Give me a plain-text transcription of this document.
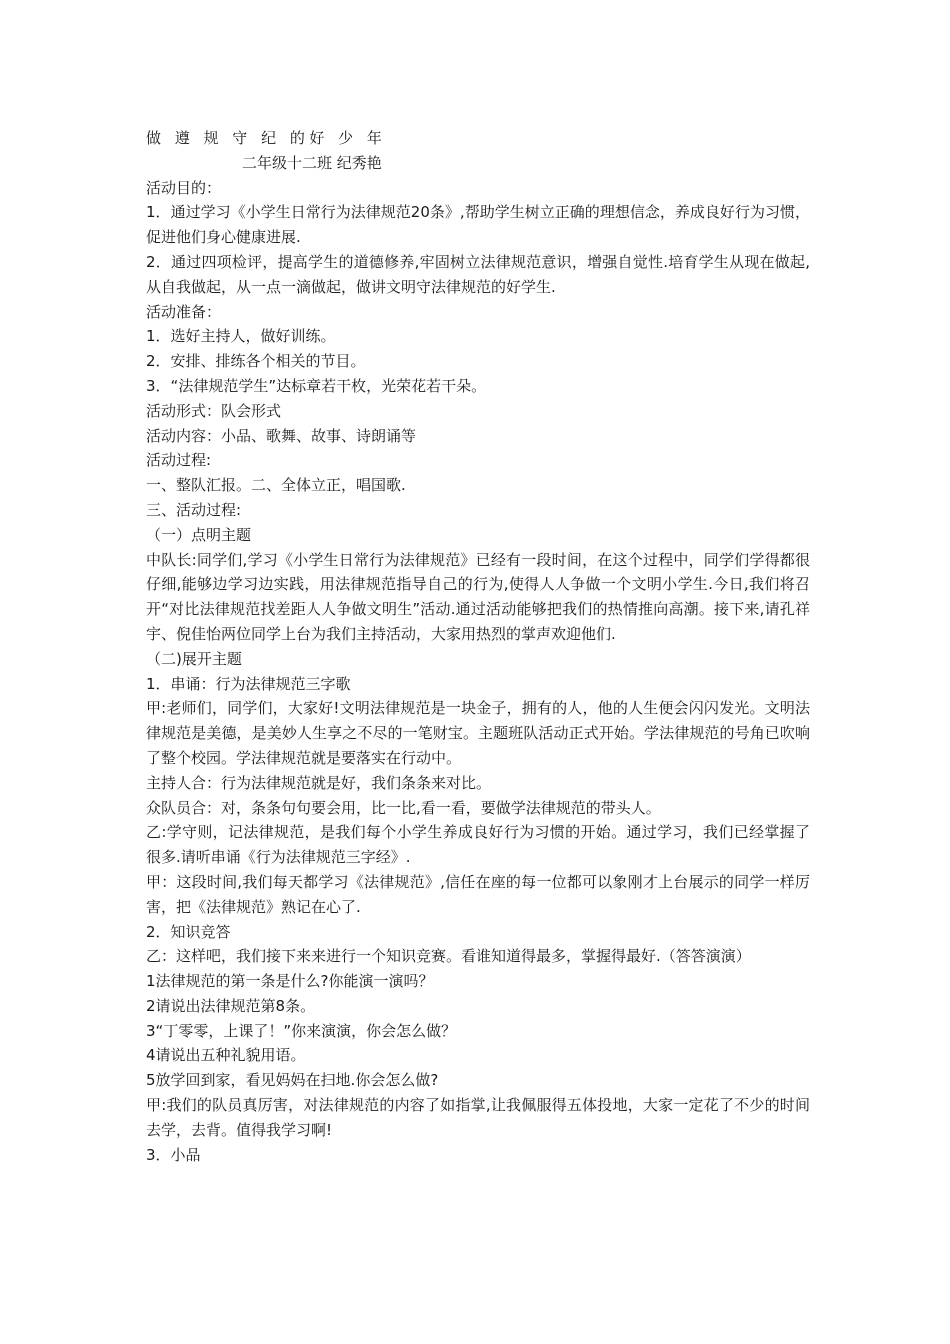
做 遵 规 守 纪 的好 少 年

二年级十二班 纪秀艳

活动目的：

1．通过学习《小学生日常行为法律规范20条》,帮助学生树立正确的理想信念，养成良好行为习惯，促进他们身心健康进展.

2．通过四项检评，提高学生的道德修养,牢固树立法律规范意识，增强自觉性.培育学生从现在做起,从自我做起，从一点一滴做起，做讲文明守法律规范的好学生.

活动准备：

1．选好主持人，做好训练。

2．安排、排练各个相关的节目。

3．“法律规范学生”达标章若干枚，光荣花若干朵。

活动形式：队会形式

活动内容：小品、歌舞、故事、诗朗诵等

活动过程:

一、整队汇报。二、全体立正，唱国歌.

三、活动过程:

（一）点明主题

中队长:同学们,学习《小学生日常行为法律规范》已经有一段时间，在这个过程中，同学们学得都很仔细,能够边学习边实践，用法律规范指导自己的行为,使得人人争做一个文明小学生.今日,我们将召开“对比法律规范找差距人人争做文明生”活动.通过活动能够把我们的热情推向高潮。接下来,请孔祥宇、倪佳怡两位同学上台为我们主持活动，大家用热烈的掌声欢迎他们.

（二)展开主题

1．串诵：行为法律规范三字歌

甲:老师们，同学们，大家好!文明法律规范是一块金子，拥有的人，他的人生便会闪闪发光。文明法律规范是美德，是美妙人生享之不尽的一笔财宝。主题班队活动正式开始。学法律规范的号角已吹响了整个校园。学法律规范就是要落实在行动中。

主持人合：行为法律规范就是好，我们条条来对比。

众队员合：对，条条句句要会用，比一比,看一看，要做学法律规范的带头人。

乙:学守则，记法律规范，是我们每个小学生养成良好行为习惯的开始。通过学习，我们已经掌握了很多.请听串诵《行为法律规范三字经》.

甲：这段时间,我们每天都学习《法律规范》,信任在座的每一位都可以象刚才上台展示的同学一样厉害，把《法律规范》熟记在心了.

2．知识竞答

乙：这样吧，我们接下来来进行一个知识竞赛。看谁知道得最多，掌握得最好.（答答演演）

1法律规范的第一条是什么?你能演一演吗？

2请说出法律规范第8条。

3“丁零零，上课了！”你来演演，你会怎么做？

4请说出五种礼貌用语。

5放学回到家，看见妈妈在扫地.你会怎么做?

甲:我们的队员真厉害，对法律规范的内容了如指掌,让我佩服得五体投地，大家一定花了不少的时间去学，去背。值得我学习啊!

3．小品
